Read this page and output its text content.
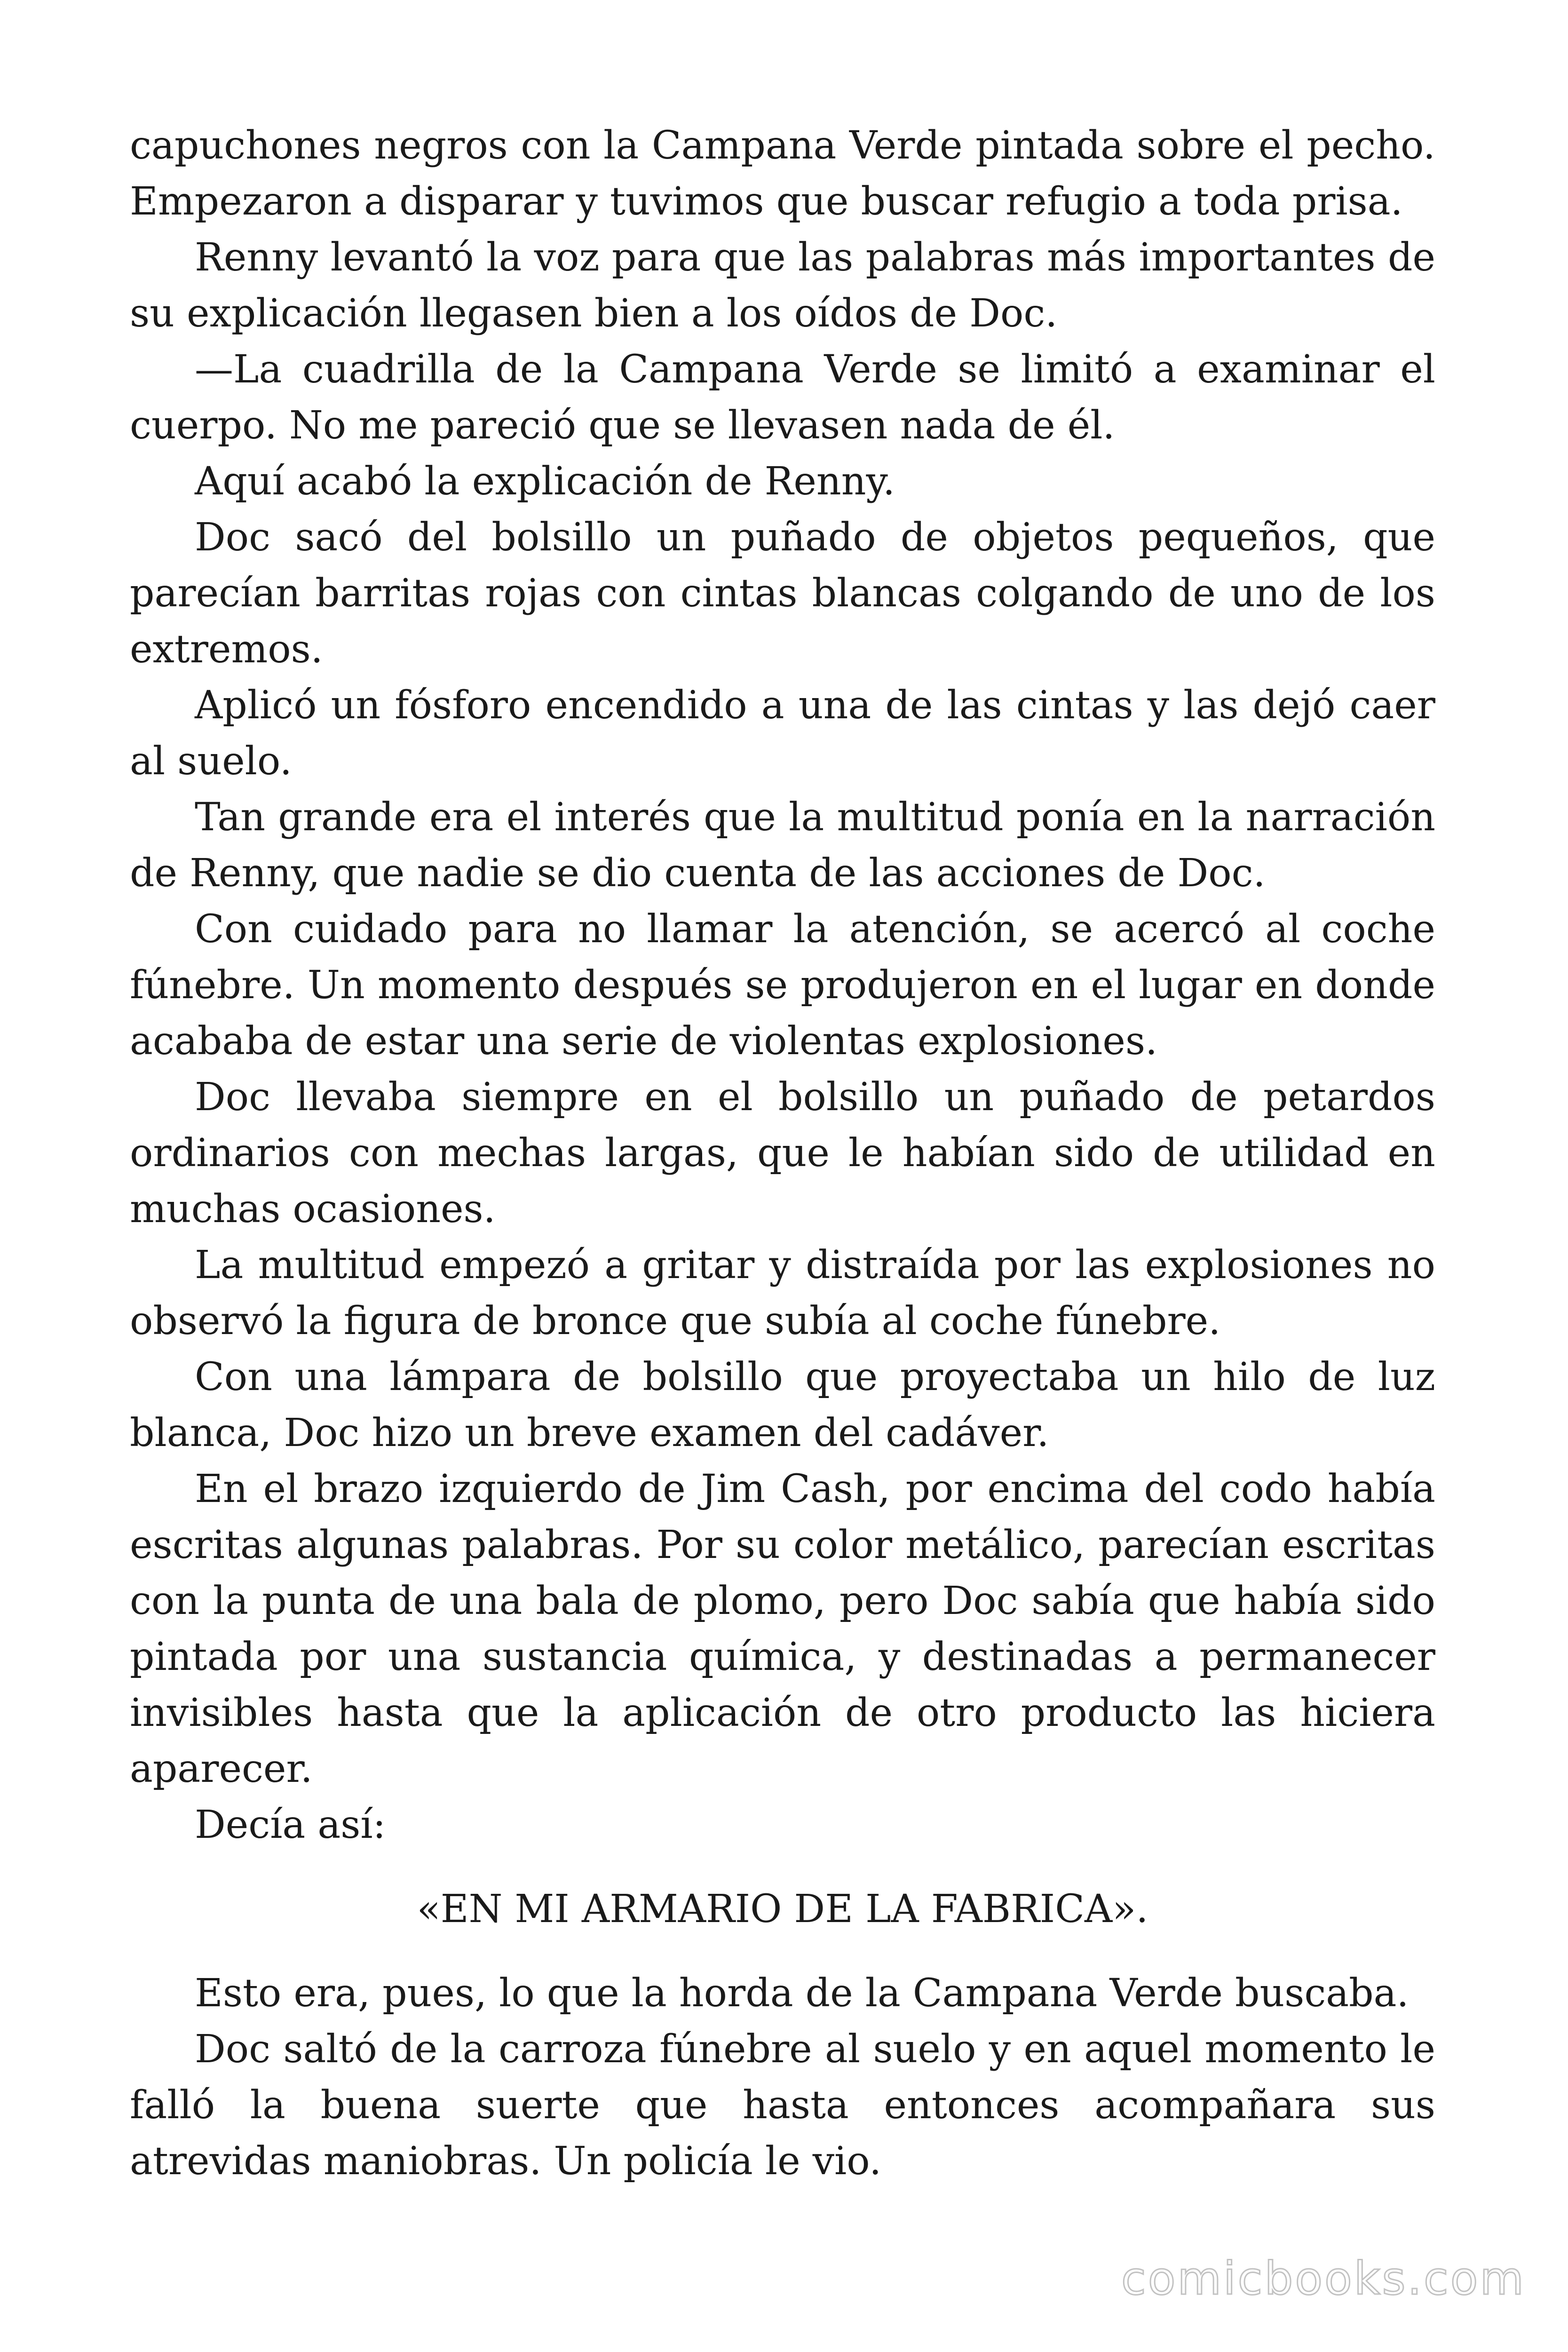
capuchones negros con la Campana Verde pintada sobre el pecho. Empezaron a disparar y tuvimos que buscar refugio a toda prisa.

Renny levantó la voz para que las palabras más importantes de su explicación llegasen bien a los oídos de Doc.

—La cuadrilla de la Campana Verde se limitó a examinar el cuerpo. No me pareció que se llevasen nada de él.

Aquí acabó la explicación de Renny.

Doc sacó del bolsillo un puñado de objetos pequeños, que parecían barritas rojas con cintas blancas colgando de uno de los extremos.

Aplicó un fósforo encendido a una de las cintas y las dejó caer al suelo.

Tan grande era el interés que la multitud ponía en la narración de Renny, que nadie se dio cuenta de las acciones de Doc.

Con cuidado para no llamar la atención, se acercó al coche fúnebre. Un momento después se produjeron en el lugar en donde acababa de estar una serie de violentas explosiones.

Doc llevaba siempre en el bolsillo un puñado de petardos ordinarios con mechas largas, que le habían sido de utilidad en muchas ocasiones.

La multitud empezó a gritar y distraída por las explosiones no observó la figura de bronce que subía al coche fúnebre.

Con una lámpara de bolsillo que proyectaba un hilo de luz blanca, Doc hizo un breve examen del cadáver.

En el brazo izquierdo de Jim Cash, por encima del codo había escritas algunas palabras. Por su color metálico, parecían escritas con la punta de una bala de plomo, pero Doc sabía que había sido pintada por una sustancia química, y destinadas a permanecer invisibles hasta que la aplicación de otro producto las hiciera aparecer.

Decía así:

«EN MI ARMARIO DE LA FABRICA».

Esto era, pues, lo que la horda de la Campana Verde buscaba.

Doc saltó de la carroza fúnebre al suelo y en aquel momento le falló la buena suerte que hasta entonces acompañara sus atrevidas maniobras. Un policía le vio.

comicbooks.com
